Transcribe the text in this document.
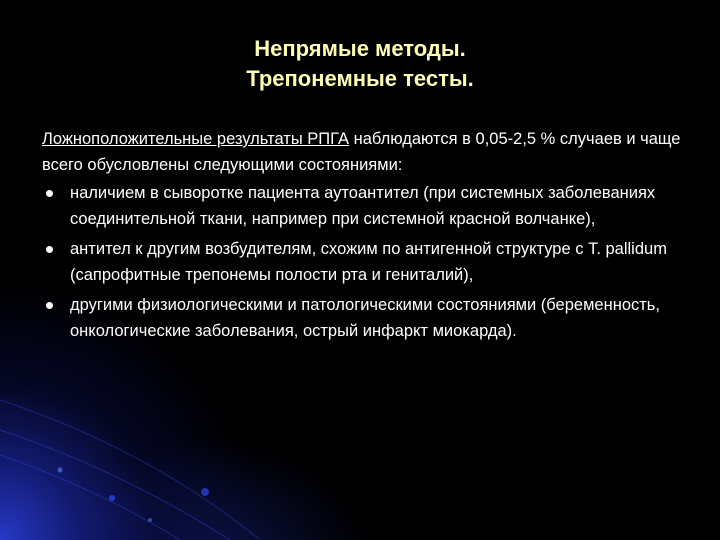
Непрямые методы.
Трепонемные тесты.

Ложноположительные результаты РПГА наблюдаются в 0,05-2,5 % случаев и чаще всего обусловлены следующими состояниями:

наличием в сыворотке пациента аутоантител (при системных заболеваниях соединительной ткани, например при системной красной волчанке),
антител к другим возбудителям, схожим по антигенной структуре с T. pallidum (сапрофитные трепонемы полости рта и гениталий),
другими физиологическими и патологическими состояниями (беременность, онкологические заболевания, острый инфаркт миокарда).
